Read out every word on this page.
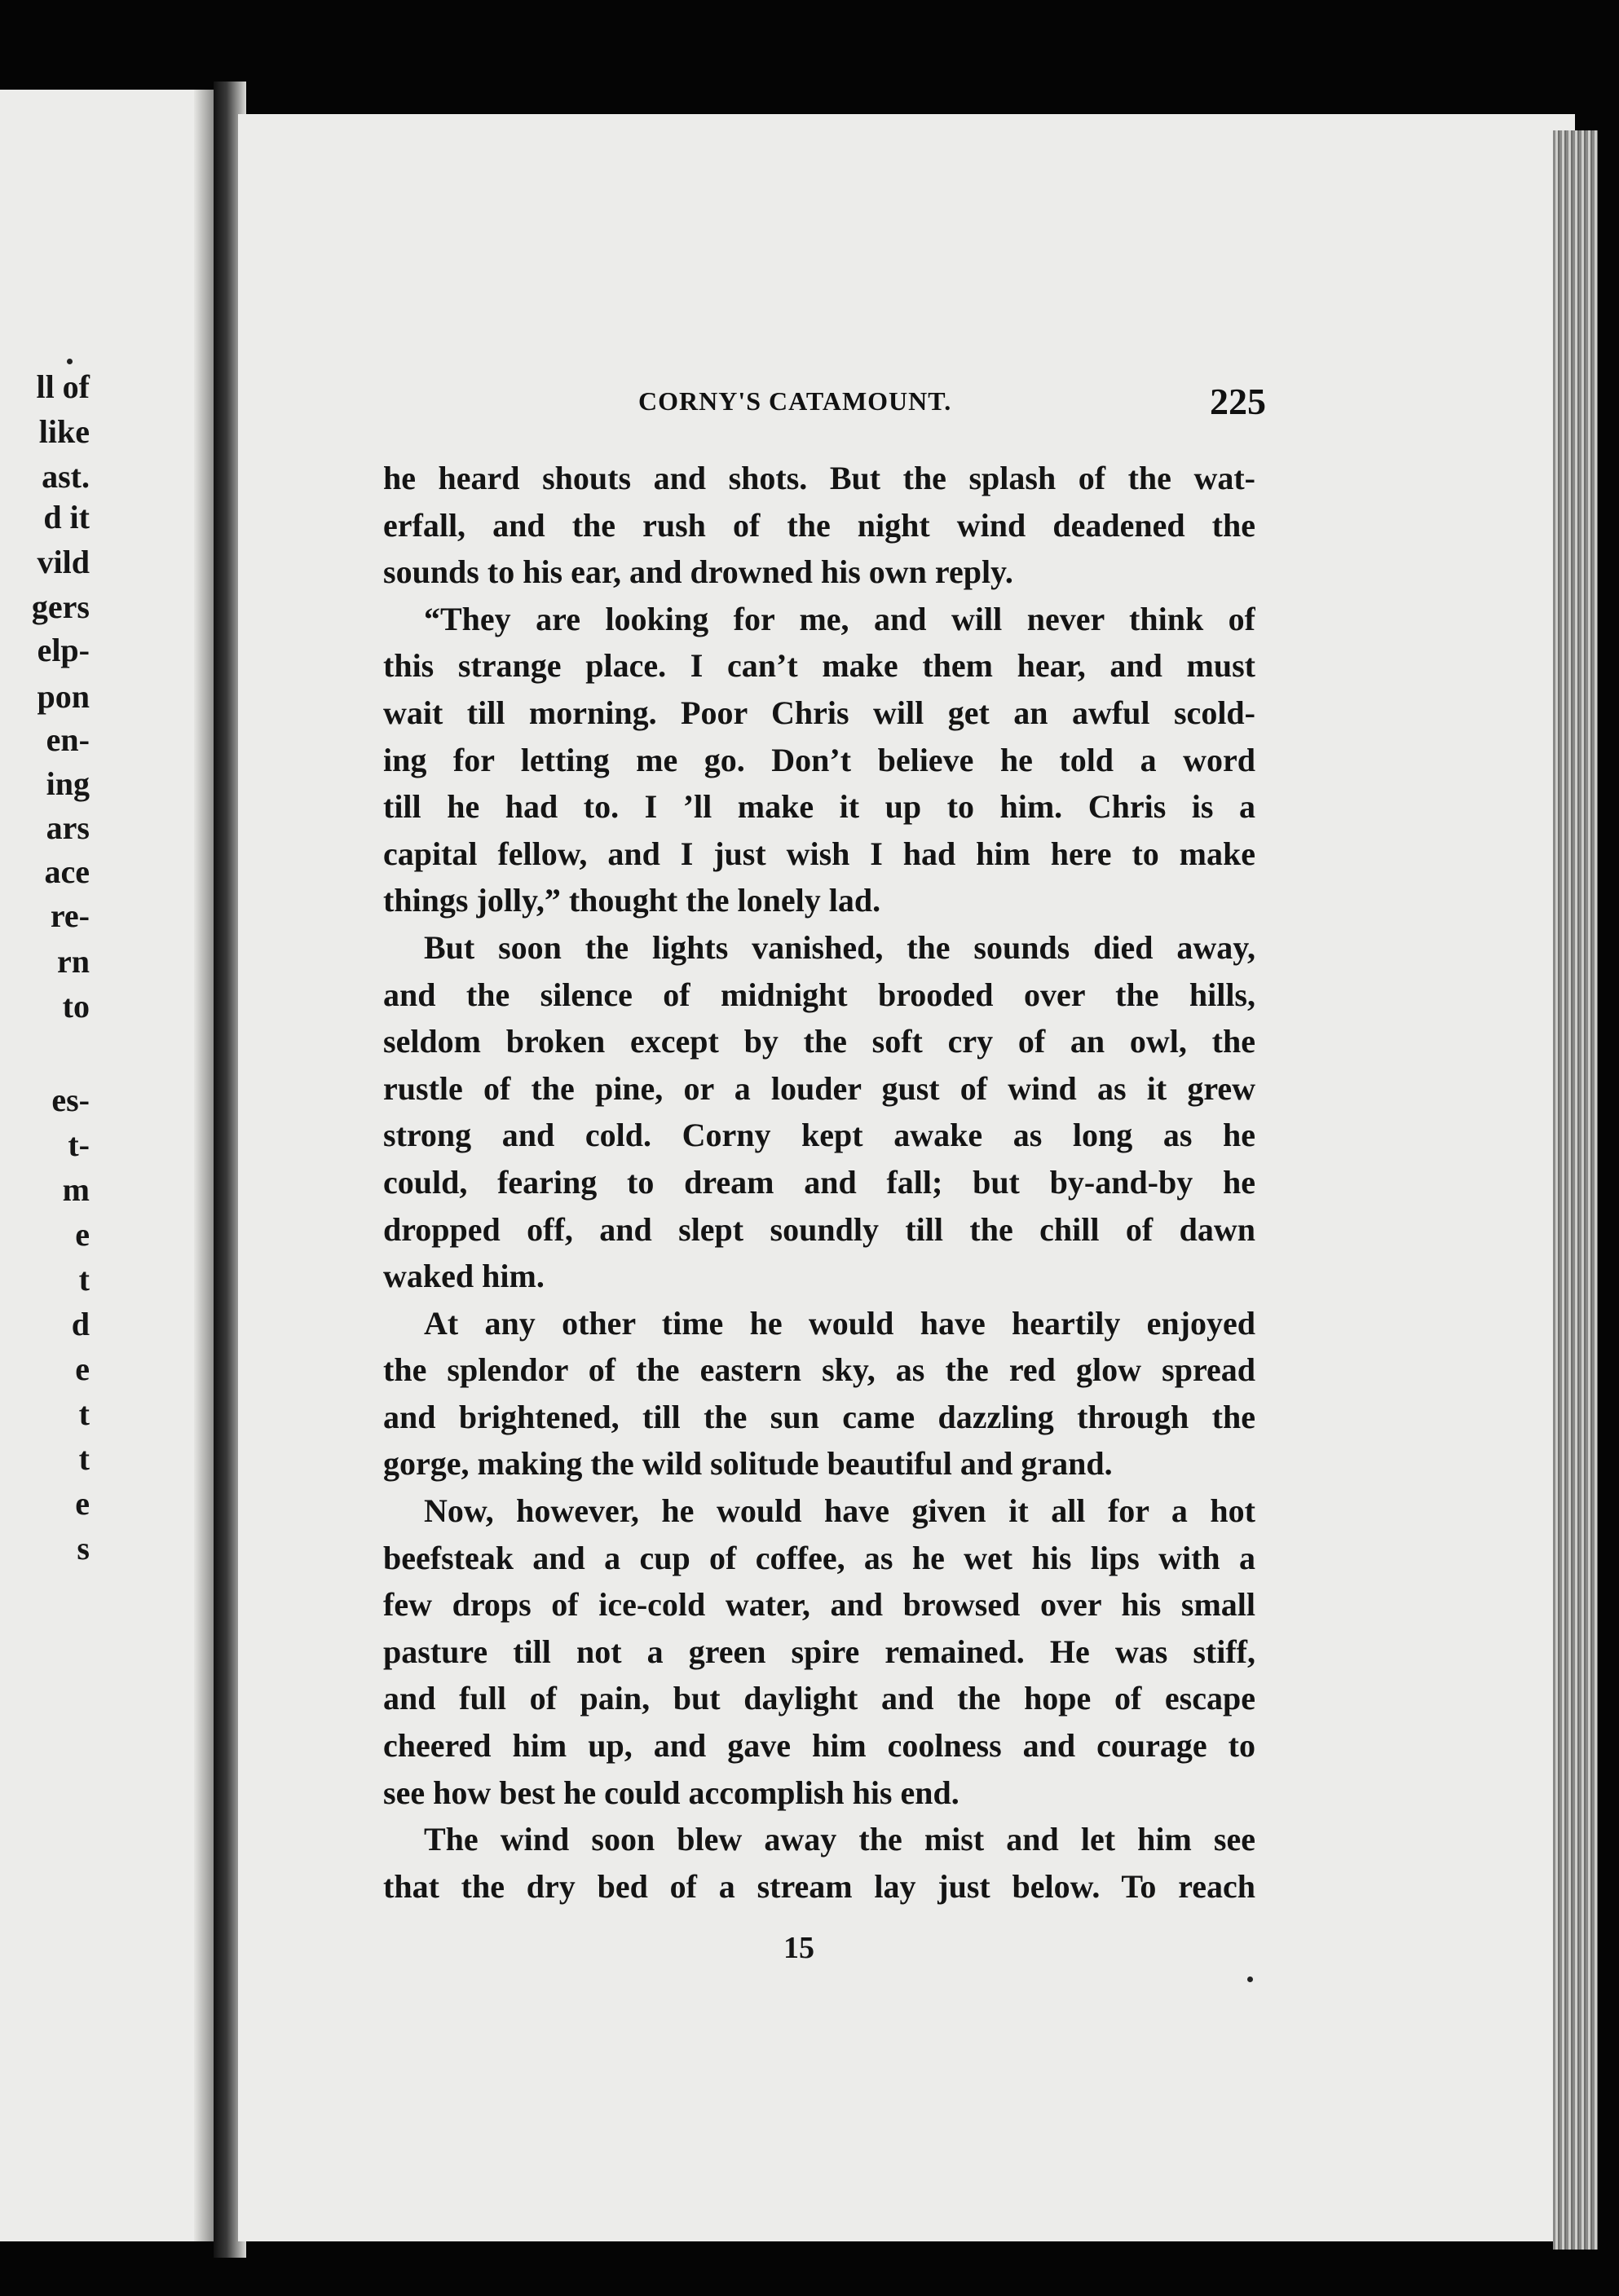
ll of
like
ast.
d it
vild
gers
elp-
pon
en-
ing
ars
ace
re-
rn
to
es-
t-
m
e
t
d
e
t
t
e
s
CORNY'S CATAMOUNT.	225
he heard shouts and shots. But the splash of the wat-
erfall, and the rush of the night wind deadened the
sounds to his ear, and drowned his own reply.
“They are looking for me, and will never think of
this strange place. I can’t make them hear, and must
wait till morning. Poor Chris will get an awful scold-
ing for letting me go. Don’t believe he told a word
till he had to. I ’ll make it up to him. Chris is a
capital fellow, and I just wish I had him here to make
things jolly,” thought the lonely lad.
But soon the lights vanished, the sounds died away,
and the silence of midnight brooded over the hills,
seldom broken except by the soft cry of an owl, the
rustle of the pine, or a louder gust of wind as it grew
strong and cold. Corny kept awake as long as he
could, fearing to dream and fall; but by-and-by he
dropped off, and slept soundly till the chill of dawn
waked him.
At any other time he would have heartily enjoyed
the splendor of the eastern sky, as the red glow spread
and brightened, till the sun came dazzling through the
gorge, making the wild solitude beautiful and grand.
Now, however, he would have given it all for a hot
beefsteak and a cup of coffee, as he wet his lips with a
few drops of ice-cold water, and browsed over his small
pasture till not a green spire remained. He was stiff,
and full of pain, but daylight and the hope of escape
cheered him up, and gave him coolness and courage to
see how best he could accomplish his end.
The wind soon blew away the mist and let him see
that the dry bed of a stream lay just below. To reach
15
